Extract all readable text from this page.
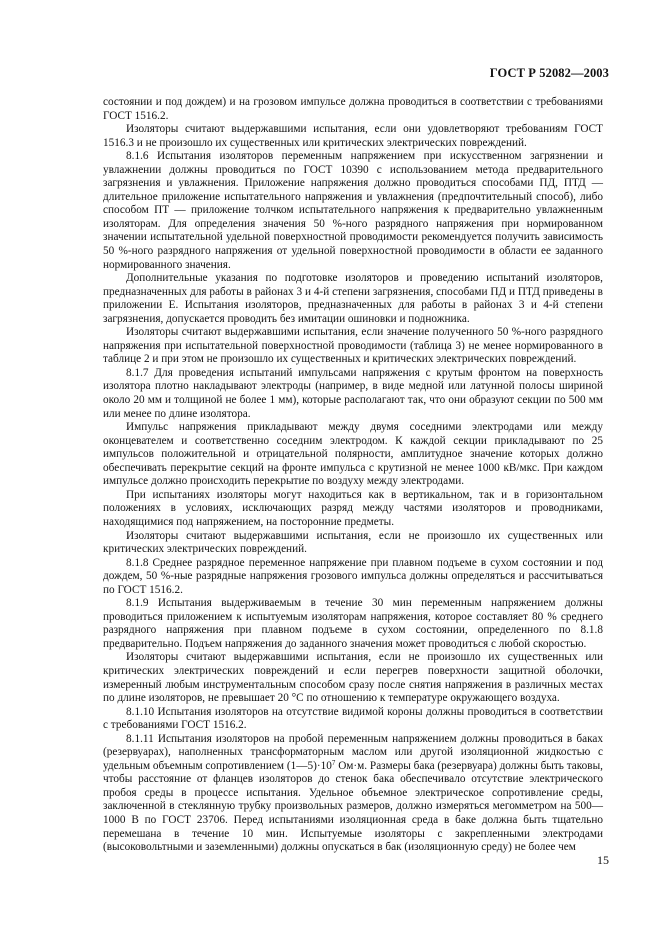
ГОСТ Р 52082—2003

состоянии и под дождем) и на грозовом импульсе должна проводиться в соответствии с требованиями ГОСТ 1516.2.

Изоляторы считают выдержавшими испытания, если они удовлетворяют требованиям ГОСТ 1516.3 и не произошло их существенных или критических электрических повреждений.

8.1.6 Испытания изоляторов переменным напряжением при искусственном загрязнении и увлажнении должны проводиться по ГОСТ 10390 с использованием метода предварительного загрязнения и увлажнения. Приложение напряжения должно проводиться способами ПД, ПТД — длительное приложение испытательного напряжения и увлажнения (предпочтительный способ), либо способом ПТ — приложение толчком испытательного напряжения к предварительно увлажненным изоляторам. Для определения значения 50 %-ного разрядного напряжения при нормированном значении испытательной удельной поверхностной проводимости рекомендуется получить зависимость 50 %-ного разрядного напряжения от удельной поверхностной проводимости в области ее заданного нормированного значения.

Дополнительные указания по подготовке изоляторов и проведению испытаний изоляторов, предназначенных для работы в районах 3 и 4-й степени загрязнения, способами ПД и ПТД приведены в приложении Е. Испытания изоляторов, предназначенных для работы в районах 3 и 4-й степени загрязнения, допускается проводить без имитации ошиновки и подножника.

Изоляторы считают выдержавшими испытания, если значение полученного 50 %-ного разрядного напряжения при испытательной поверхностной проводимости (таблица 3) не менее нормированного в таблице 2 и при этом не произошло их существенных и критических электрических повреждений.

8.1.7 Для проведения испытаний импульсами напряжения с крутым фронтом на поверхность изолятора плотно накладывают электроды (например, в виде медной или латунной полосы шириной около 20 мм и толщиной не более 1 мм), которые располагают так, что они образуют секции по 500 мм или менее по длине изолятора.

Импульс напряжения прикладывают между двумя соседними электродами или между оконцевателем и соответственно соседним электродом. К каждой секции прикладывают по 25 импульсов положительной и отрицательной полярности, амплитудное значение которых должно обеспечивать перекрытие секций на фронте импульса с крутизной не менее 1000 кВ/мкс. При каждом импульсе должно происходить перекрытие по воздуху между электродами.

При испытаниях изоляторы могут находиться как в вертикальном, так и в горизонтальном положениях в условиях, исключающих разряд между частями изоляторов и проводниками, находящимися под напряжением, на посторонние предметы.

Изоляторы считают выдержавшими испытания, если не произошло их существенных или критических электрических повреждений.

8.1.8 Среднее разрядное переменное напряжение при плавном подъеме в сухом состоянии и под дождем, 50 %-ные разрядные напряжения грозового импульса должны определяться и рассчитываться по ГОСТ 1516.2.

8.1.9 Испытания выдерживаемым в течение 30 мин переменным напряжением должны проводиться приложением к испытуемым изоляторам напряжения, которое составляет 80 % среднего разрядного напряжения при плавном подъеме в сухом состоянии, определенного по 8.1.8 предварительно. Подъем напряжения до заданного значения может проводиться с любой скоростью.

Изоляторы считают выдержавшими испытания, если не произошло их существенных или критических электрических повреждений и если перегрев поверхности защитной оболочки, измеренный любым инструментальным способом сразу после снятия напряжения в различных местах по длине изоляторов, не превышает 20 °С по отношению к температуре окружающего воздуха.

8.1.10 Испытания изоляторов на отсутствие видимой короны должны проводиться в соответствии с требованиями ГОСТ 1516.2.

8.1.11 Испытания изоляторов на пробой переменным напряжением должны проводиться в баках (резервуарах), наполненных трансформаторным маслом или другой изоляционной жидкостью с удельным объемным сопротивлением $(1—5)\cdot 10^7$ Ом·м. Размеры бака (резервуара) должны быть таковы, чтобы расстояние от фланцев изоляторов до стенок бака обеспечивало отсутствие электрического пробоя среды в процессе испытания. Удельное объемное электрическое сопротивление среды, заключенной в стеклянную трубку произвольных размеров, должно измеряться мегомметром на 500—1000 В по ГОСТ 23706. Перед испытаниями изоляционная среда в баке должна быть тщательно перемешана в течение 10 мин. Испытуемые изоляторы с закрепленными электродами (высоковольтными и заземленными) должны опускаться в бак (изоляционную среду) не более чем

15
